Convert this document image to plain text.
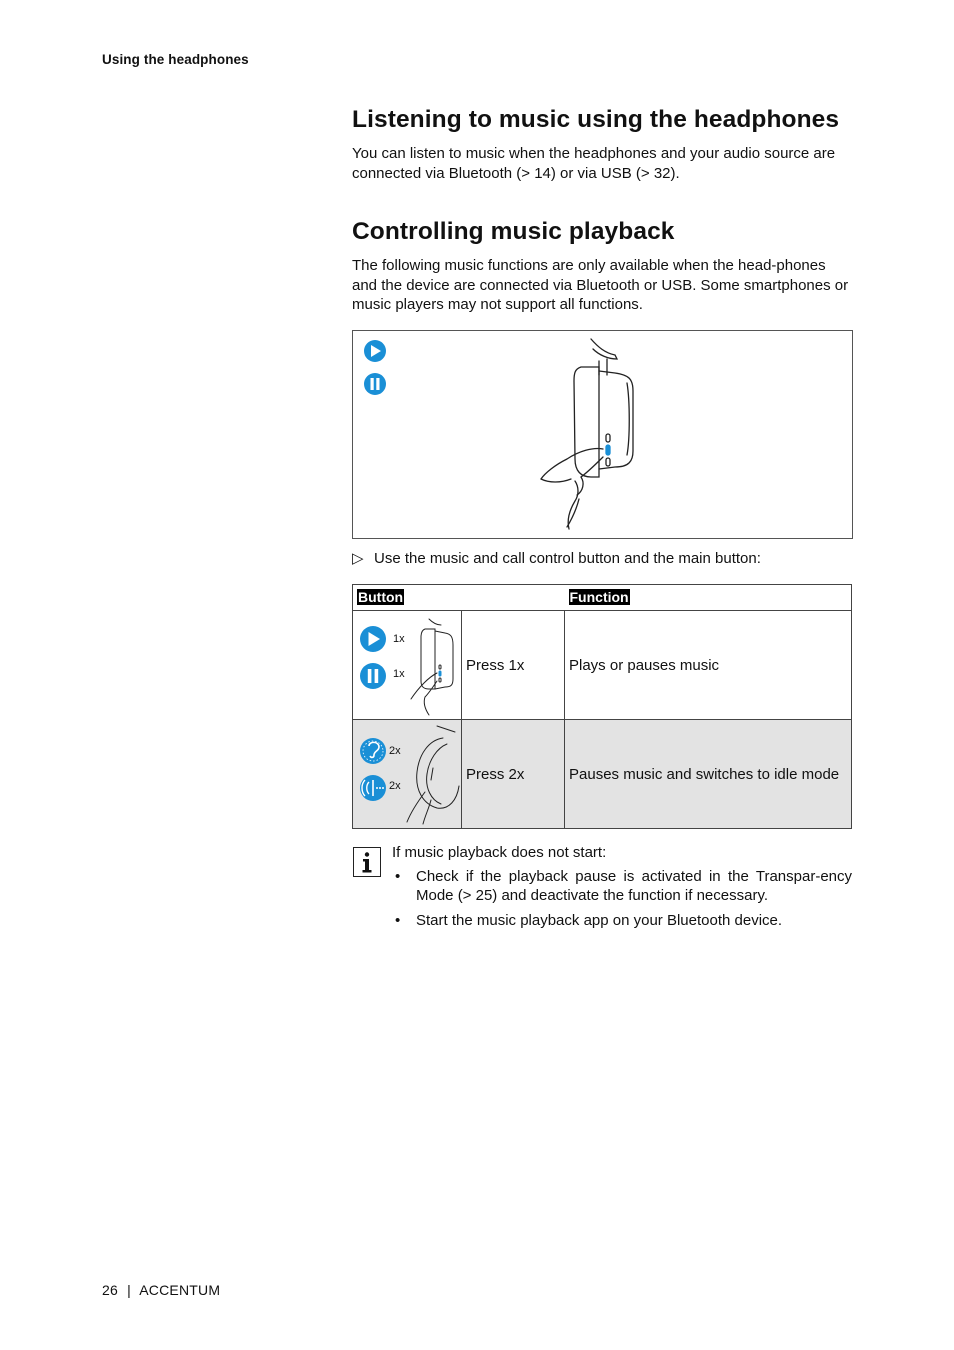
Using the headphones
Listening to music using the headphones
You can listen to music when the headphones and your audio source are connected via Bluetooth (> 14) or via USB (> 32).
Controlling music playback
The following music functions are only available when the head-phones and the device are connected via Bluetooth or USB. Some smartphones or music players may not support all functions.
▷ Use the music and call control button and the main button:
Button		Function

1x
1x	Press 1x	Plays or pauses music

2x
2x	Press 2x	Pauses music and switches to idle mode
If music playback does not start:
• Check if the playback pause is activated in the Transpar-ency Mode (> 25) and deactivate the function if necessary.
• Start the music playback app on your Bluetooth device.
26 | ACCENTUM
